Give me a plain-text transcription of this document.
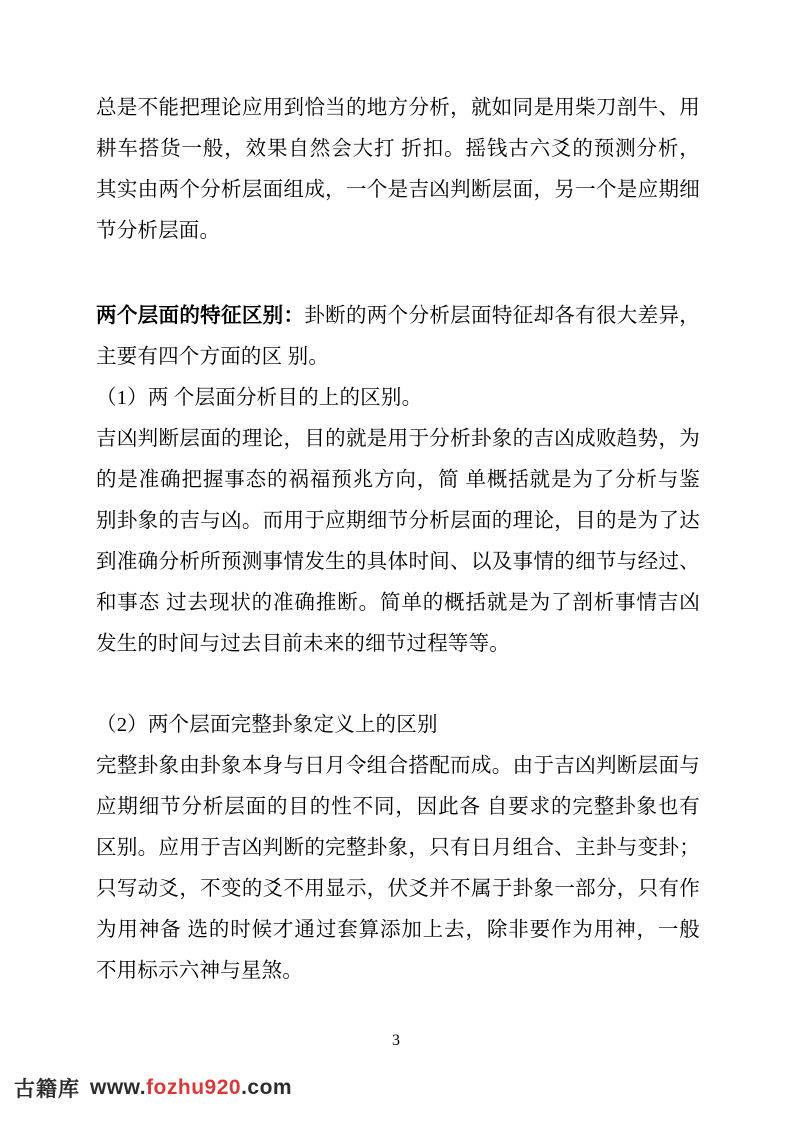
总是不能把理论应用到恰当的地方分析，就如同是用柴刀剖牛、用耕车搭货一般，效果自然会大打 折扣。摇钱古六爻的预测分析，其实由两个分析层面组成，一个是吉凶判断层面，另一个是应期细节分析层面。

两个层面的特征区别：卦断的两个分析层面特征却各有很大差异，主要有四个方面的区 别。

（1）两 个层面分析目的上的区别。

吉凶判断层面的理论，目的就是用于分析卦象的吉凶成败趋势，为的是准确把握事态的祸福预兆方向，简 单概括就是为了分析与鉴别卦象的吉与凶。而用于应期细节分析层面的理论，目的是为了达到准确分析所预测事情发生的具体时间、以及事情的细节与经过、和事态 过去现状的准确推断。简单的概括就是为了剖析事情吉凶发生的时间与过去目前未来的细节过程等等。

（2）两个层面完整卦象定义上的区别

完整卦象由卦象本身与日月令组合搭配而成。由于吉凶判断层面与应期细节分析层面的目的性不同，因此各 自要求的完整卦象也有区别。应用于吉凶判断的完整卦象，只有日月组合、主卦与变卦；只写动爻，不变的爻不用显示，伏爻并不属于卦象一部分，只有作为用神备 选的时候才通过套算添加上去，除非要作为用神，一般不用标示六神与星煞。

3
古籍库 www.fozhu920.com
